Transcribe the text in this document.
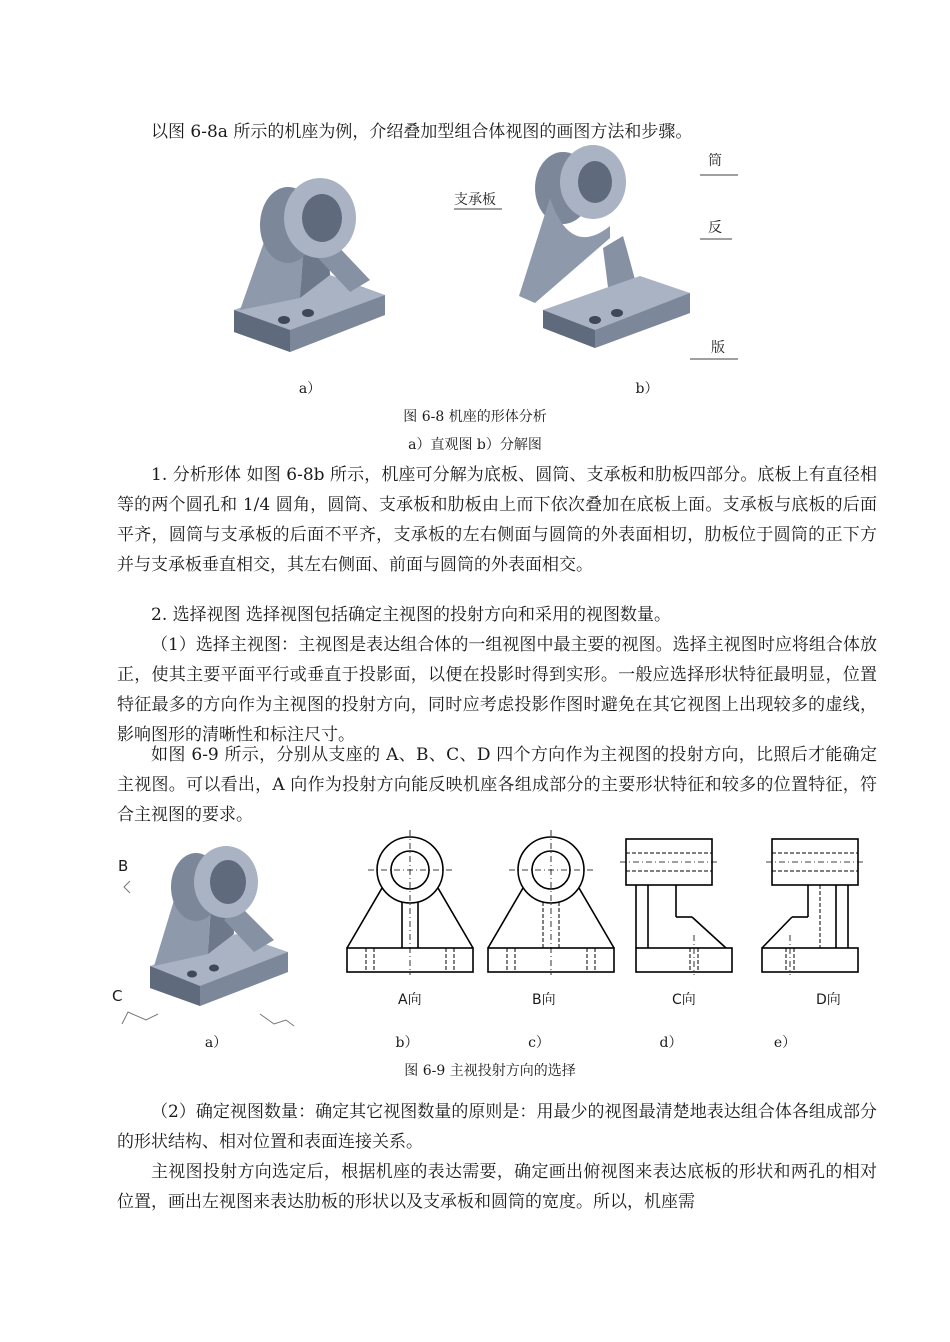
以图 6-8a 所示的机座为例，介绍叠加型组合体视图的画图方法和步骤。

支承板
筒
反
版
a）	b）
图 6-8 机座的形体分析
a）直观图 b）分解图

1. 分析形体 如图 6-8b 所示，机座可分解为底板、圆筒、支承板和肋板四部分。底板上有直径相等的两个圆孔和 1/4 圆角，圆筒、支承板和肋板由上而下依次叠加在底板上面。支承板与底板的后面平齐，圆筒与支承板的后面不平齐，支承板的左右侧面与圆筒的外表面相切，肋板位于圆筒的正下方并与支承板垂直相交，其左右侧面、前面与圆筒的外表面相交。

2. 选择视图 选择视图包括确定主视图的投射方向和采用的视图数量。

（1）选择主视图：主视图是表达组合体的一组视图中最主要的视图。选择主视图时应将组合体放正，使其主要平面平行或垂直于投影面，以便在投影时得到实形。一般应选择形状特征最明显，位置特征最多的方向作为主视图的投射方向，同时应考虑投影作图时避免在其它视图上出现较多的虚线，影响图形的清晰性和标注尺寸。

如图 6-9 所示，分别从支座的 A、B、C、D 四个方向作为主视图的投射方向，比照后才能确定主视图。可以看出，A 向作为投射方向能反映机座各组成部分的主要形状特征和较多的位置特征，符合主视图的要求。

B
C	A向	B向	C向	D向
a）	b）	c）	d）	e）
图 6-9 主视投射方向的选择

（2）确定视图数量：确定其它视图数量的原则是：用最少的视图最清楚地表达组合体各组成部分的形状结构、相对位置和表面连接关系。

主视图投射方向选定后，根据机座的表达需要，确定画出俯视图来表达底板的形状和两孔的相对位置，画出左视图来表达肋板的形状以及支承板和圆筒的宽度。所以，机座需
